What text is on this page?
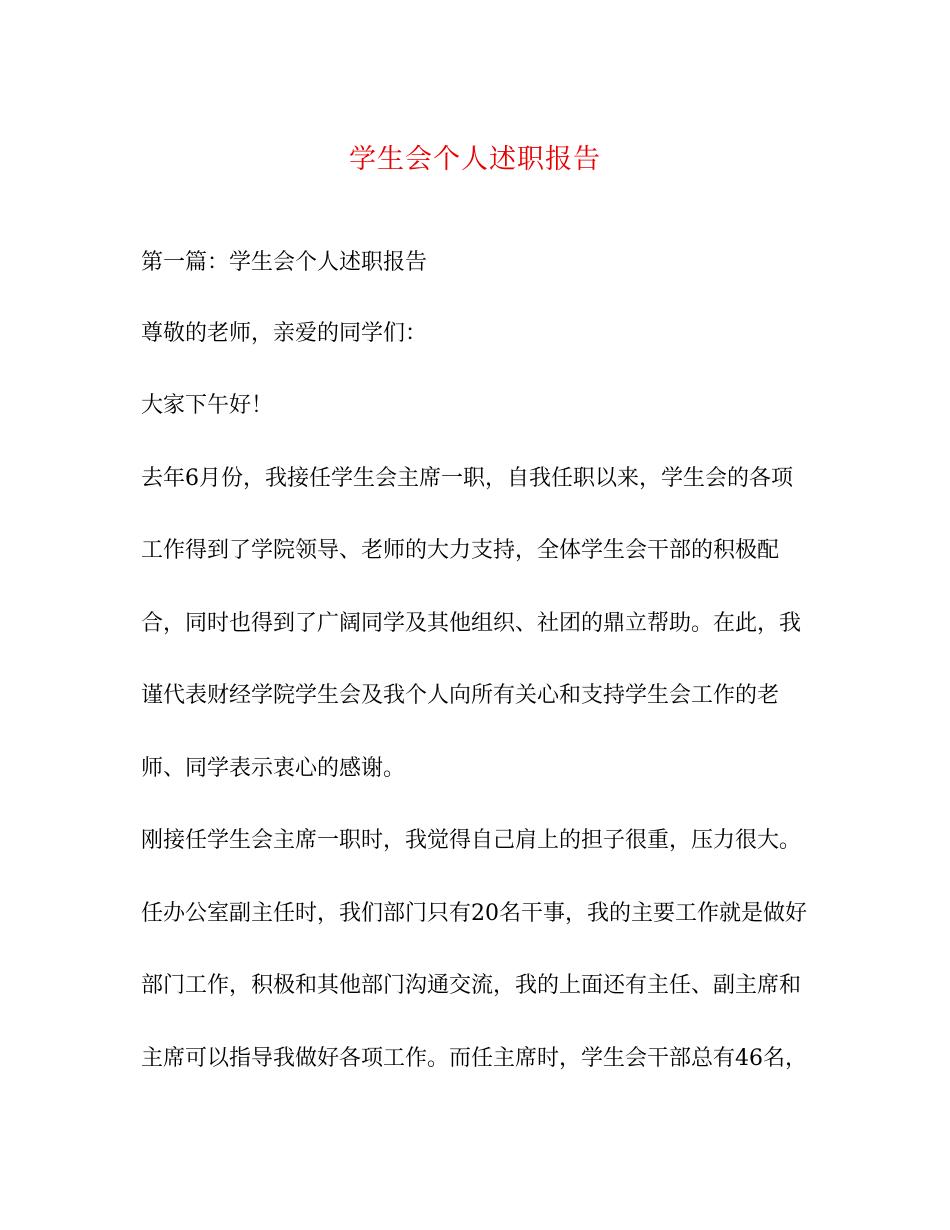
学生会个人述职报告

第一篇：学生会个人述职报告

尊敬的老师，亲爱的同学们：

大家下午好！

去年6月份，我接任学生会主席一职，自我任职以来，学生会的各项

工作得到了学院领导、老师的大力支持，全体学生会干部的积极配

合，同时也得到了广阔同学及其他组织、社团的鼎立帮助。在此，我

谨代表财经学院学生会及我个人向所有关心和支持学生会工作的老

师、同学表示衷心的感谢。

刚接任学生会主席一职时，我觉得自己肩上的担子很重，压力很大。

任办公室副主任时，我们部门只有20名干事，我的主要工作就是做好

部门工作，积极和其他部门沟通交流，我的上面还有主任、副主席和

主席可以指导我做好各项工作。而任主席时，学生会干部总有46名，
